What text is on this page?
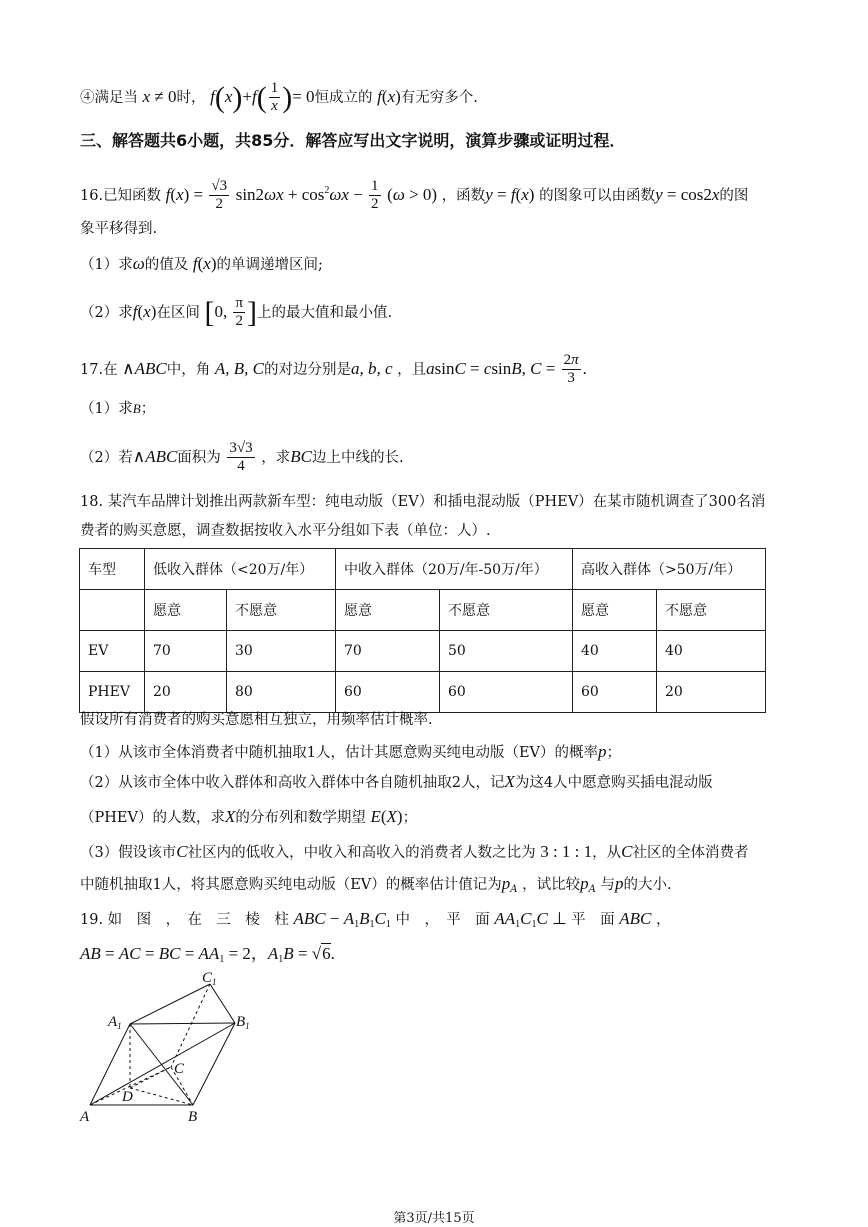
④满足当 x ≠ 0时， $f(x)+f( \frac{1}{x}$ )= 0恒成立的 f(x)有无穷多个.
三、解答题共6小题，共85分．解答应写出文字说明，演算步骤或证明过程．
16.已知函数 $f(x) = \frac{√3}{2} \sin 2\omega x + \cos^2\omega x - \frac{1}{2} (\omega > 0)$ ，函数y = f(x) 的图象可以由函数y = cos2x的图
象平移得到.
（1）求ω的值及 f(x)的单调递增区间;
（2）求f(x)在区间 [0, $\frac{\pi}{2}$ ]上的最大值和最小值.
17.在 ∧ABC中，角 A, B, C的对边分别是a, b, c ，且asinC = csinB, $C = \frac{2\pi}{3}$ .
（1）求B；
（2）若∧ABC面积为 $\frac{3√3}{4}$ ，求BC边上中线的长.
18. 某汽车品牌计划推出两款新车型：纯电动版（EV）和插电混动版（PHEV）在某市随机调查了300名消
费者的购买意愿，调查数据按收入水平分组如下表（单位：人）.
车型	低收入群体（<20万/年）		中收入群体（20万/年-50万/年）		高收入群体（>50万/年）	
	愿意	不愿意	愿意	不愿意	愿意	不愿意
EV	70	30	70	50	40	40
PHEV	20	80	60	60	60	20
假设所有消费者的购买意愿相互独立，用频率估计概率.
（1）从该市全体消费者中随机抽取1人，估计其愿意购买纯电动版（EV）的概率p；
（2）从该市全体中收入群体和高收入群体中各自随机抽取2人，记X为这4人中愿意购买插电混动版
（PHEV）的人数，求X的分布列和数学期望 E(X)；
（3）假设该市C社区内的低收入，中收入和高收入的消费者人数之比为 3 : 1 : 1，从C社区的全体消费者
中随机抽取1人，将其愿意购买纯电动版（EV）的概率估计值记为$p_A$ ，试比较$p_A$ 与p的大小.
19. 如　图　，　在　三　棱　柱 ABC − $A_1B_1C_1$ 中　，　平　面 $AA_1C_1C$ ⊥ 平　面 ABC ，
AB = AC = BC = $AA_1 = 2$，$A_1B = √6$.
$C_1$
$A_1$	$B_1$
C
D
A	B
第3页/共15页
